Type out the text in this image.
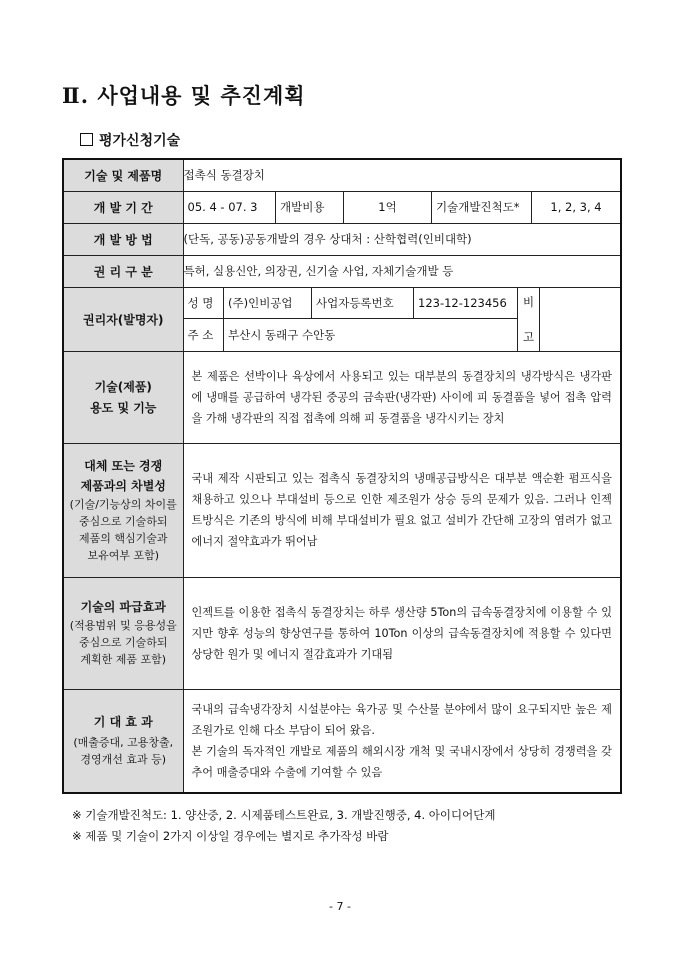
Ⅱ. 사업내용 및 추진계획
평가신청기술
기술 및 제품명	접촉식 동결장치
개 발 기 간		05. 4 - 07. 3	개발비용	1억	기술개발진척도*	1, 2, 3, 4

개 발 방 법	(단독, 공동)공동개발의 경우 상대처 : 산학협력(인비대학)
권 리 구 분	특허, 실용신안, 의장권, 신기술 사업, 자체기술개발 등
권리자(발명자)	
성 명	(주)인비공업	사업자등록번호	123-12-123456	비	
주 소	부산시 동래구 수안동	고

기술(제품)
용도 및 기능

본 제품은 선박이나 육상에서 사용되고 있는 대부분의 동결장치의 냉각방식은 냉각판에 냉매를 공급하여 냉각된 중공의 금속판(냉각판) 사이에 피 동결품을 넣어 접촉 압력을 가해 냉각판의 직접 접촉에 의해 피 동결품을 냉각시키는 장치

대체 또는 경쟁
제품과의 차별성
(기술/기능상의 차이를
중심으로 기술하되
제품의 핵심기술과
보유여부 포함)

국내 제작 시판되고 있는 접촉식 동결장치의 냉매공급방식은 대부분 액순환 펌프식을 채용하고 있으나 부대설비 등으로 인한 제조원가 상승 등의 문제가 있음. 그러나 인젝트방식은 기존의 방식에 비해 부대설비가 필요 없고 설비가 간단해 고장의 염려가 없고 에너지 절약효과가 뛰어남

기술의 파급효과
(적용범위 및 응용성을
중심으로 기술하되
계획한 제품 포함)

인젝트를 이용한 접촉식 동결장치는 하루 생산량 5Ton의 급속동결장치에 이용할 수 있지만 향후 성능의 향상연구를 통하여 10Ton 이상의 급속동결장치에 적용할 수 있다면 상당한 원가 및 에너지 절감효과가 기대됨

기 대 효 과
(매출증대, 고용창출,
경영개선 효과 등)

국내의 급속냉각장치 시설분야는 육가공 및 수산물 분야에서 많이 요구되지만 높은 제조원가로 인해 다소 부담이 되어 왔음.
본 기술의 독자적인 개발로 제품의 해외시장 개척 및 국내시장에서 상당히 경쟁력을 갖추어 매출증대와 수출에 기여할 수 있음
※ 기술개발진척도: 1. 양산중, 2. 시제품테스트완료, 3. 개발진행중, 4. 아이디어단계
※ 제품 및 기술이 2가지 이상일 경우에는 별지로 추가작성 바람
- 7 -
